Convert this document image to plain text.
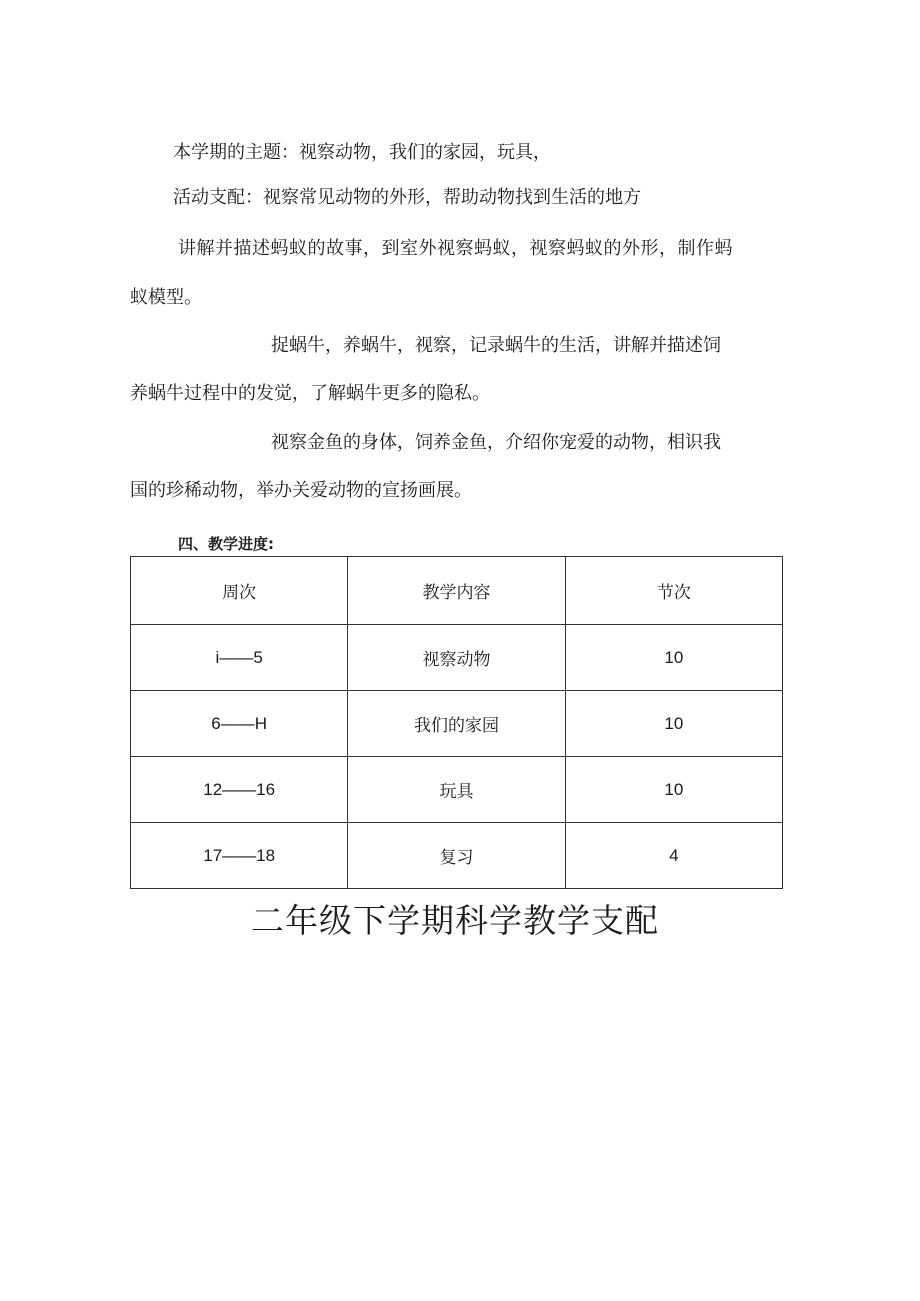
本学期的主题：视察动物，我们的家园，玩具，
活动支配：视察常见动物的外形，帮助动物找到生活的地方
讲解并描述蚂蚁的故事，到室外视察蚂蚁，视察蚂蚁的外形，制作蚂
蚁模型。
捉蜗牛，养蜗牛，视察，记录蜗牛的生活，讲解并描述饲
养蜗牛过程中的发觉，了解蜗牛更多的隐私。
视察金鱼的身体，饲养金鱼，介绍你宠爱的动物，相识我
国的珍稀动物，举办关爱动物的宣扬画展。
四、教学进度:
周次	教学内容	节次
i——5	视察动物	10
6——H	我们的家园	10
12——16	玩具	10
17——18	复习	4
二年级下学期科学教学支配
